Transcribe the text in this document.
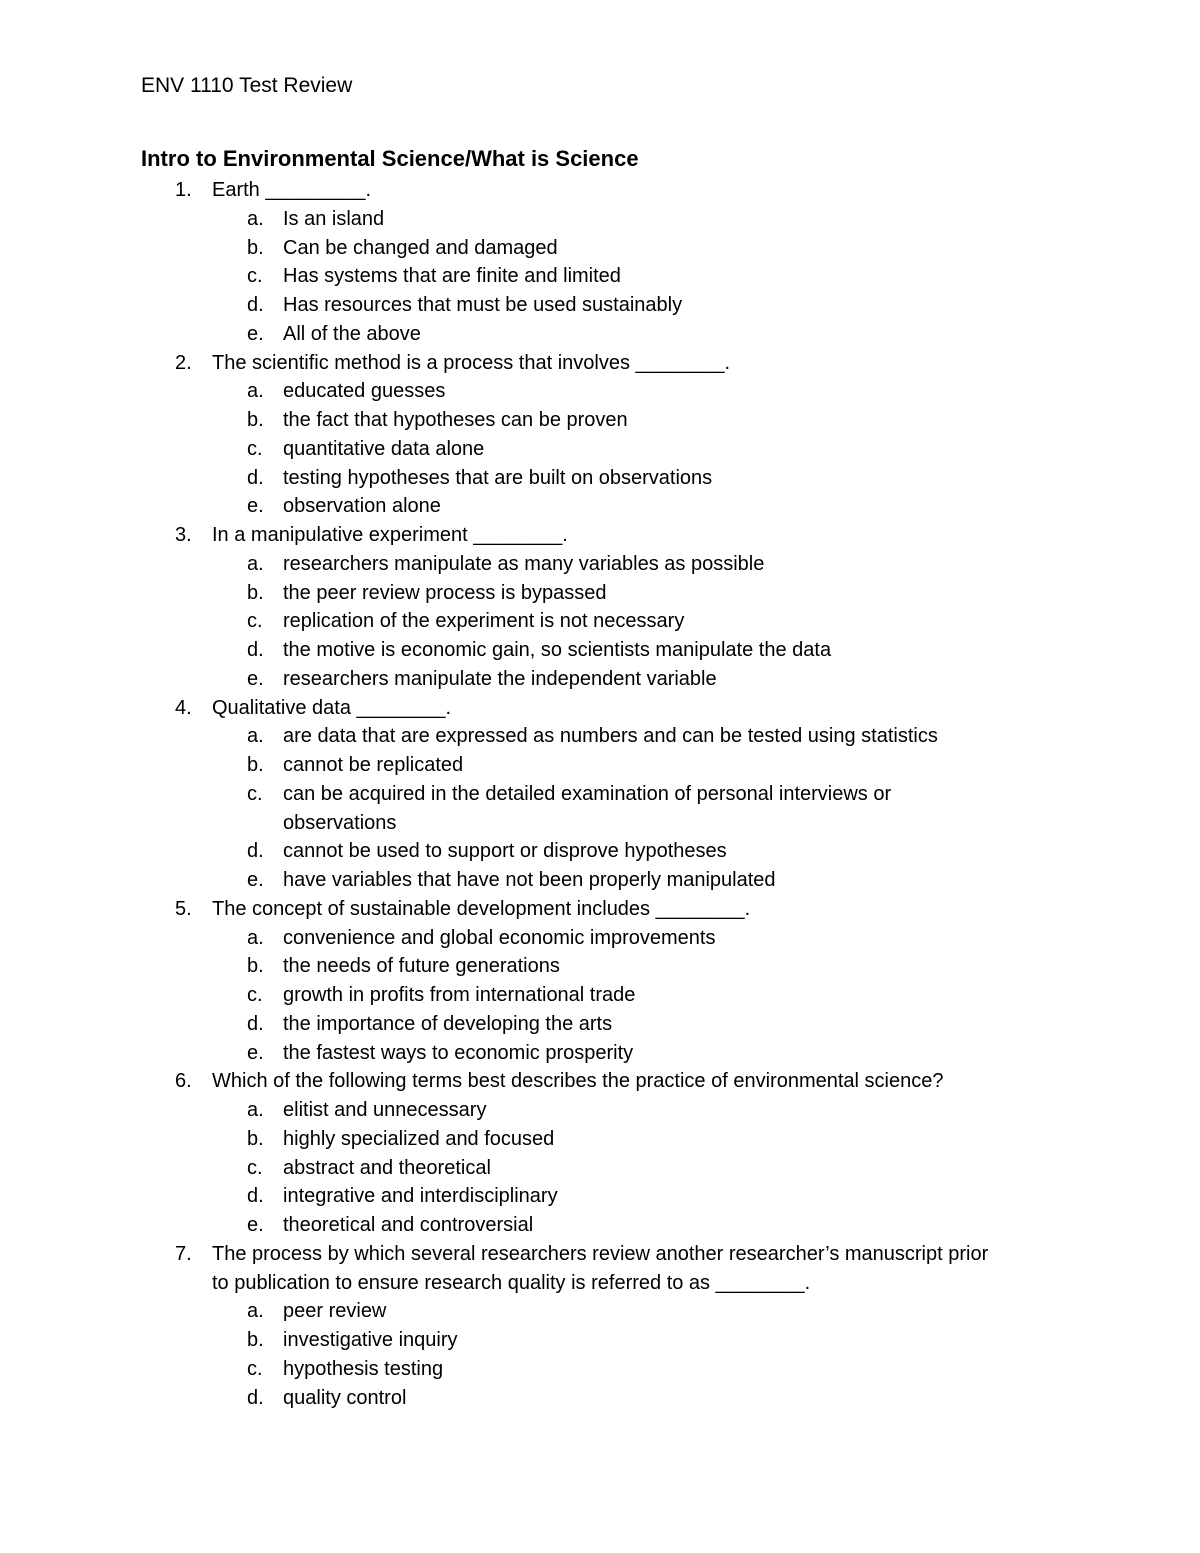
ENV 1110 Test Review
Intro to Environmental Science/What is Science
1. Earth _________.
a. Is an island
b. Can be changed and damaged
c. Has systems that are finite and limited
d. Has resources that must be used sustainably
e. All of the above
2. The scientific method is a process that involves ________.
a. educated guesses
b. the fact that hypotheses can be proven
c. quantitative data alone
d. testing hypotheses that are built on observations
e. observation alone
3. In a manipulative experiment ________.
a. researchers manipulate as many variables as possible
b. the peer review process is bypassed
c. replication of the experiment is not necessary
d. the motive is economic gain, so scientists manipulate the data
e. researchers manipulate the independent variable
4. Qualitative data ________.
a. are data that are expressed as numbers and can be tested using statistics
b. cannot be replicated
c. can be acquired in the detailed examination of personal interviews or
observations
d. cannot be used to support or disprove hypotheses
e. have variables that have not been properly manipulated
5. The concept of sustainable development includes ________.
a. convenience and global economic improvements
b. the needs of future generations
c. growth in profits from international trade
d. the importance of developing the arts
e. the fastest ways to economic prosperity
6. Which of the following terms best describes the practice of environmental science?
a. elitist and unnecessary
b. highly specialized and focused
c. abstract and theoretical
d. integrative and interdisciplinary
e. theoretical and controversial
7. The process by which several researchers review another researcher’s manuscript prior
to publication to ensure research quality is referred to as ________.
a. peer review
b. investigative inquiry
c. hypothesis testing
d. quality control
